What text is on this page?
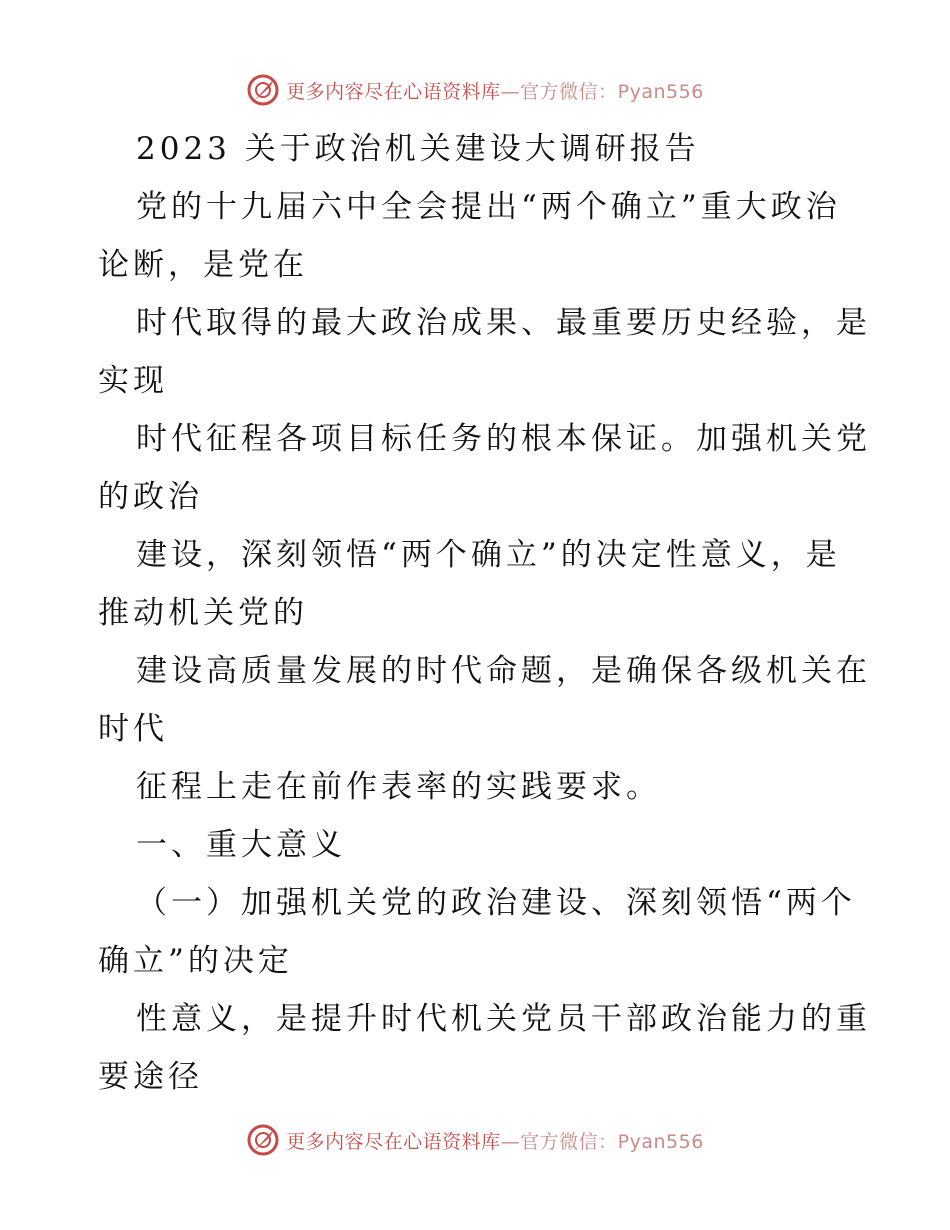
更多内容尽在心语资料库—官方微信：Pyan556
2023 关于政治机关建设大调研报告
党的十九届六中全会提出“两个确立”重大政治
论断，是党在
时代取得的最大政治成果、最重要历史经验，是
实现
时代征程各项目标任务的根本保证。加强机关党
的政治
建设，深刻领悟“两个确立”的决定性意义，是
推动机关党的
建设高质量发展的时代命题，是确保各级机关在
时代
征程上走在前作表率的实践要求。
一、重大意义
（一）加强机关党的政治建设、深刻领悟“两个
确立”的决定
性意义，是提升时代机关党员干部政治能力的重
要途径
更多内容尽在心语资料库—官方微信：Pyan556
